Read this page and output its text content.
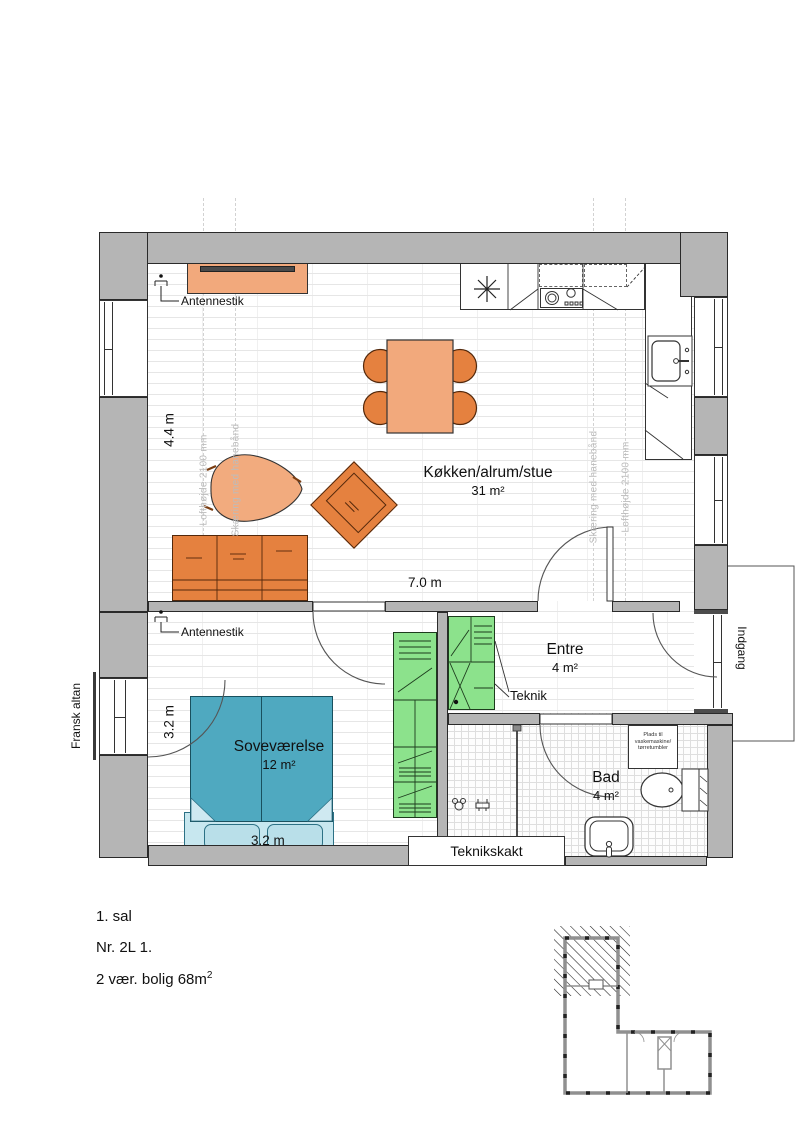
Køkken/alrum/stue
31 m²
Soveværelse
12 m²
Entre
4 m²
Bad
4 m²
Teknik
Teknikskakt
Plads til
vaskemaskine/
tørretumbler
Antennestik
Antennestik
7.0 m
3.2 m
4.4 m
3.2 m
Fransk altan
Indgang
Lofthøjde 2100 mm Skæring med hanebånd	Skæring med hanebånd Lofthøjde 2100 mm
1. sal
Nr. 2L 1.
2 vær. bolig $68m^2$
